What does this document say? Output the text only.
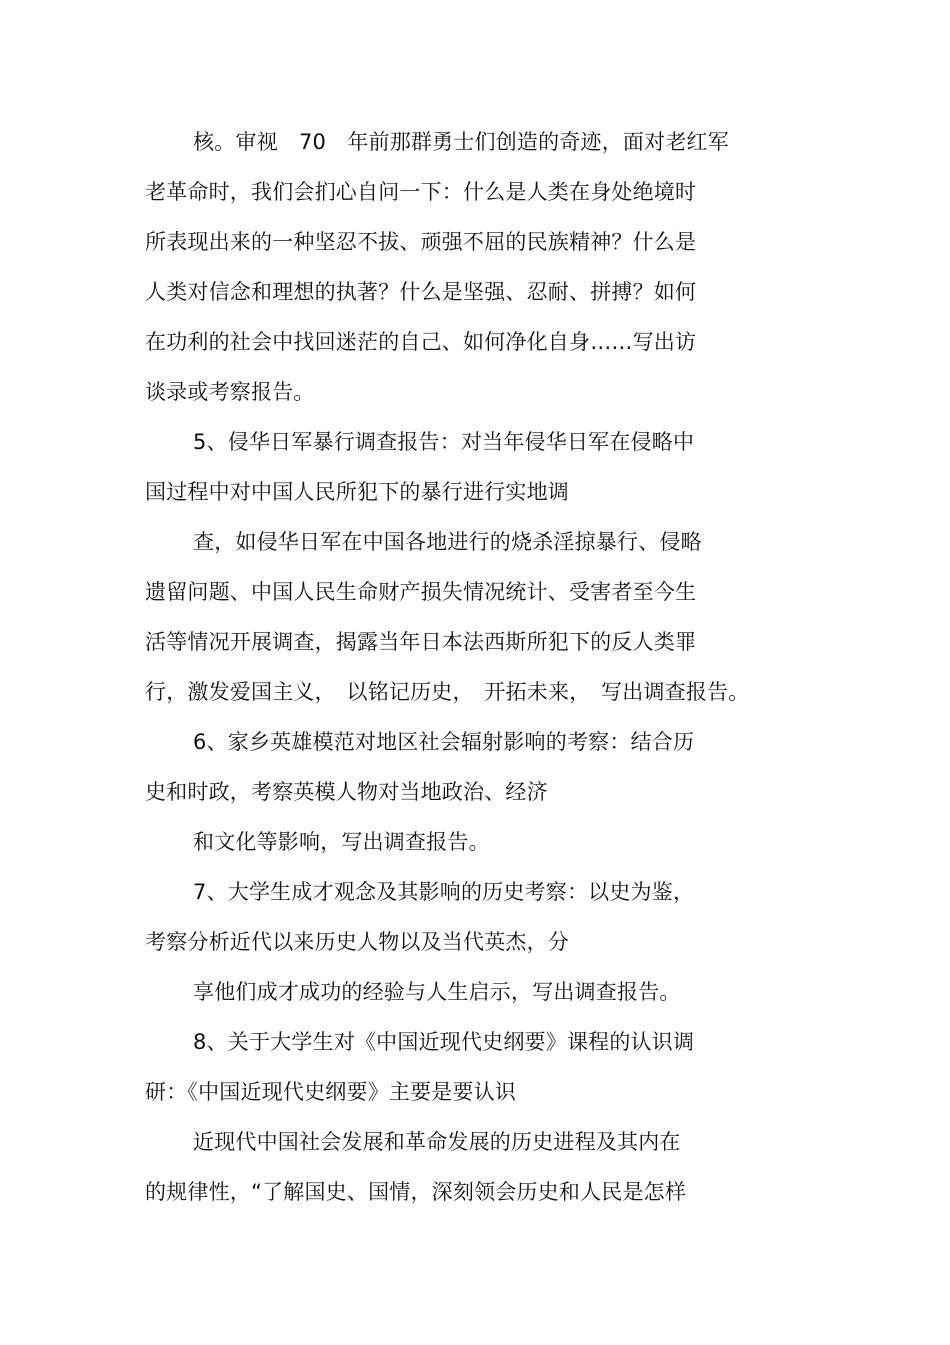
核。审视　70　年前那群勇士们创造的奇迹，面对老红军
老革命时，我们会扪心自问一下：什么是人类在身处绝境时
所表现出来的一种坚忍不拔、顽强不屈的民族精神？什么是
人类对信念和理想的执著？什么是坚强、忍耐、拼搏？如何
在功利的社会中找回迷茫的自己、如何净化自身……写出访
谈录或考察报告。
5、侵华日军暴行调查报告：对当年侵华日军在侵略中
国过程中对中国人民所犯下的暴行进行实地调
查，如侵华日军在中国各地进行的烧杀淫掠暴行、侵略
遗留问题、中国人民生命财产损失情况统计、受害者至今生
活等情况开展调查，揭露当年日本法西斯所犯下的反人类罪
行，激发爱国主义，　以铭记历史，　开拓未来，　写出调查报告。
6、家乡英雄模范对地区社会辐射影响的考察：结合历
史和时政，考察英模人物对当地政治、经济
和文化等影响，写出调查报告。
7、大学生成才观念及其影响的历史考察：以史为鉴，
考察分析近代以来历史人物以及当代英杰，分
享他们成才成功的经验与人生启示，写出调查报告。
8、关于大学生对《中国近现代史纲要》课程的认识调
研：《中国近现代史纲要》主要是要认识
近现代中国社会发展和革命发展的历史进程及其内在
的规律性，“了解国史、国情，深刻领会历史和人民是怎样
